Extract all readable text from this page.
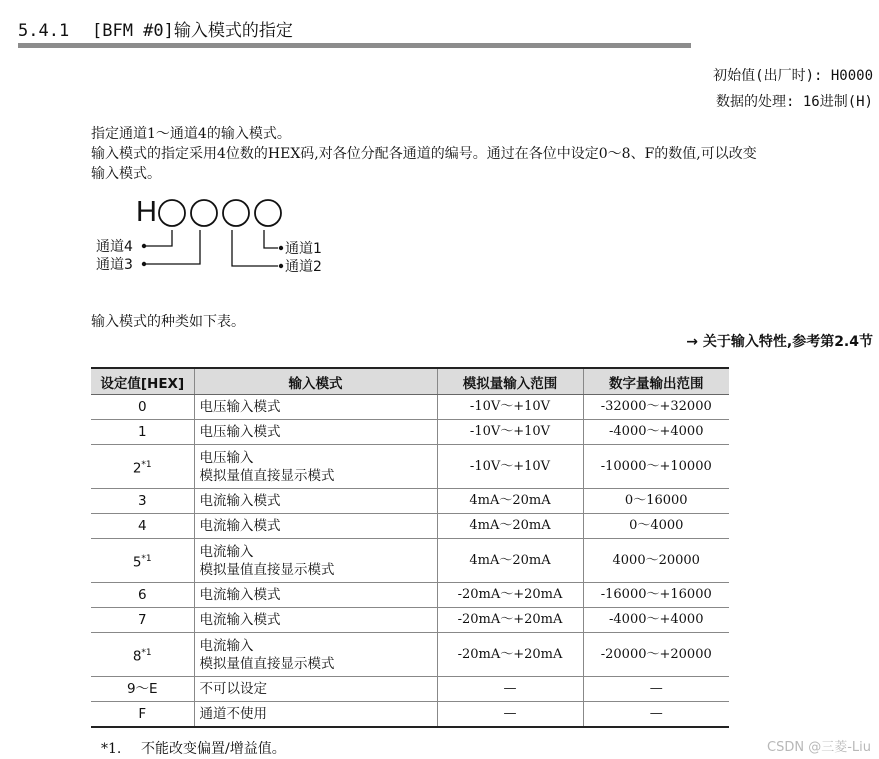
5.4.1 [BFM #0]输入模式的指定
初始值(出厂时): H0000
数据的处理: 16进制(H)
指定通道1〜通道4的输入模式。
输入模式的指定采用4位数的HEX码,对各位分配各通道的编号。通过在各位中设定0〜8、F的数值,可以改变
输入模式。
H
通道4
通道3
通道1
通道2
输入模式的种类如下表。
→ 关于输入特性,参考第2.4节
设定值[HEX]	输入模式	模拟量输入范围	数字量输出范围
0	电压输入模式	-10V〜+10V	-32000〜+32000
1	电压输入模式	-10V〜+10V	-4000〜+4000
2$^{*1}$	电压输入
模拟量值直接显示模式	-10V〜+10V	-10000〜+10000
3	电流输入模式	4mA〜20mA	0〜16000
4	电流输入模式	4mA〜20mA	0〜4000
5$^{*1}$	电流输入
模拟量值直接显示模式	4mA〜20mA	4000〜20000
6	电流输入模式	-20mA〜+20mA	-16000〜+16000
7	电流输入模式	-20mA〜+20mA	-4000〜+4000
8$^{*1}$	电流输入
模拟量值直接显示模式	-20mA〜+20mA	-20000〜+20000
9〜E	不可以设定	—	—
F	通道不使用	—	—
*1. 不能改变偏置/增益值。	CSDN @三菱-Liu
